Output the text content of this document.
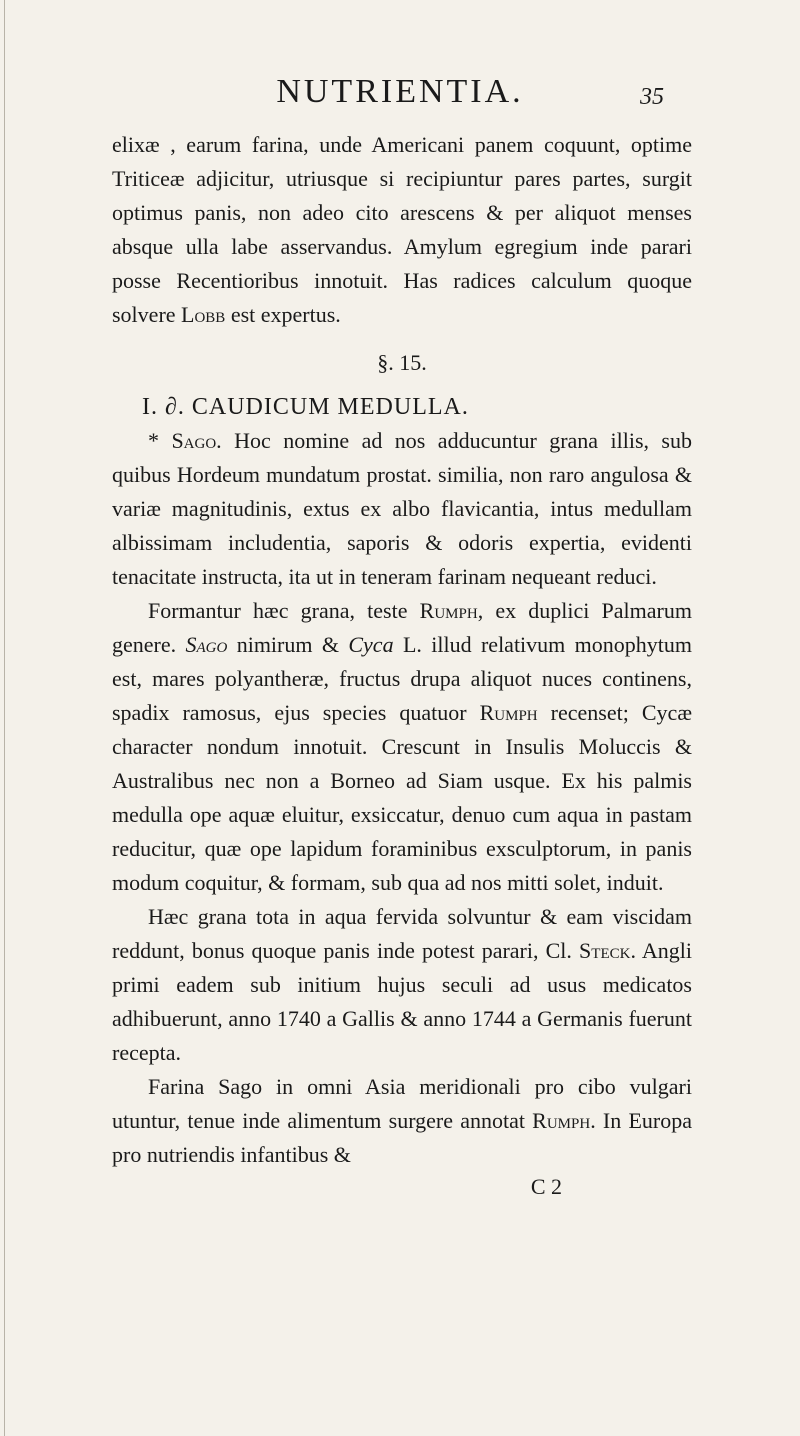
NUTRIENTIA.	35

elixæ , earum farina, unde Americani panem coquunt, optime Triticeæ adjicitur, utriusque si recipiuntur pares partes, surgit optimus panis, non adeo cito arescens & per aliquot menses absque ulla labe asservandus. Amylum egregium inde parari posse Recentioribus innotuit. Has radices calculum quoque solvere Lobb est expertus.

§. 15.

I. ∂. CAUDICUM MEDULLA.

* Sago. Hoc nomine ad nos adducuntur grana illis, sub quibus Hordeum mundatum prostat. similia, non raro angulosa & variæ magnitudinis, extus ex albo flavicantia, intus medullam albissimam includentia, saporis & odoris expertia, evidenti tenacitate instructa, ita ut in teneram farinam nequeant reduci.

Formantur hæc grana, teste Rumph, ex duplici Palmarum genere. Sago nimirum & Cyca L. illud relativum monophytum est, mares polyantheræ, fructus drupa aliquot nuces continens, spadix ramosus, ejus species quatuor Rumph recenset; Cycæ character nondum innotuit. Crescunt in Insulis Moluccis & Australibus nec non a Borneo ad Siam usque. Ex his palmis medulla ope aquæ eluitur, exsiccatur, denuo cum aqua in pastam reducitur, quæ ope lapidum foraminibus exsculptorum, in panis modum coquitur, & formam, sub qua ad nos mitti solet, induit.

Hæc grana tota in aqua fervida solvuntur & eam viscidam reddunt, bonus quoque panis inde potest parari, Cl. Steck. Angli primi eadem sub initium hujus seculi ad usus medicatos adhibuerunt, anno 1740 a Gallis & anno 1744 a Germanis fuerunt recepta.

Farina Sago in omni Asia meridionali pro cibo vulgari utuntur, tenue inde alimentum surgere annotat Rumph. In Europa pro nutriendis infantibus &

C 2
